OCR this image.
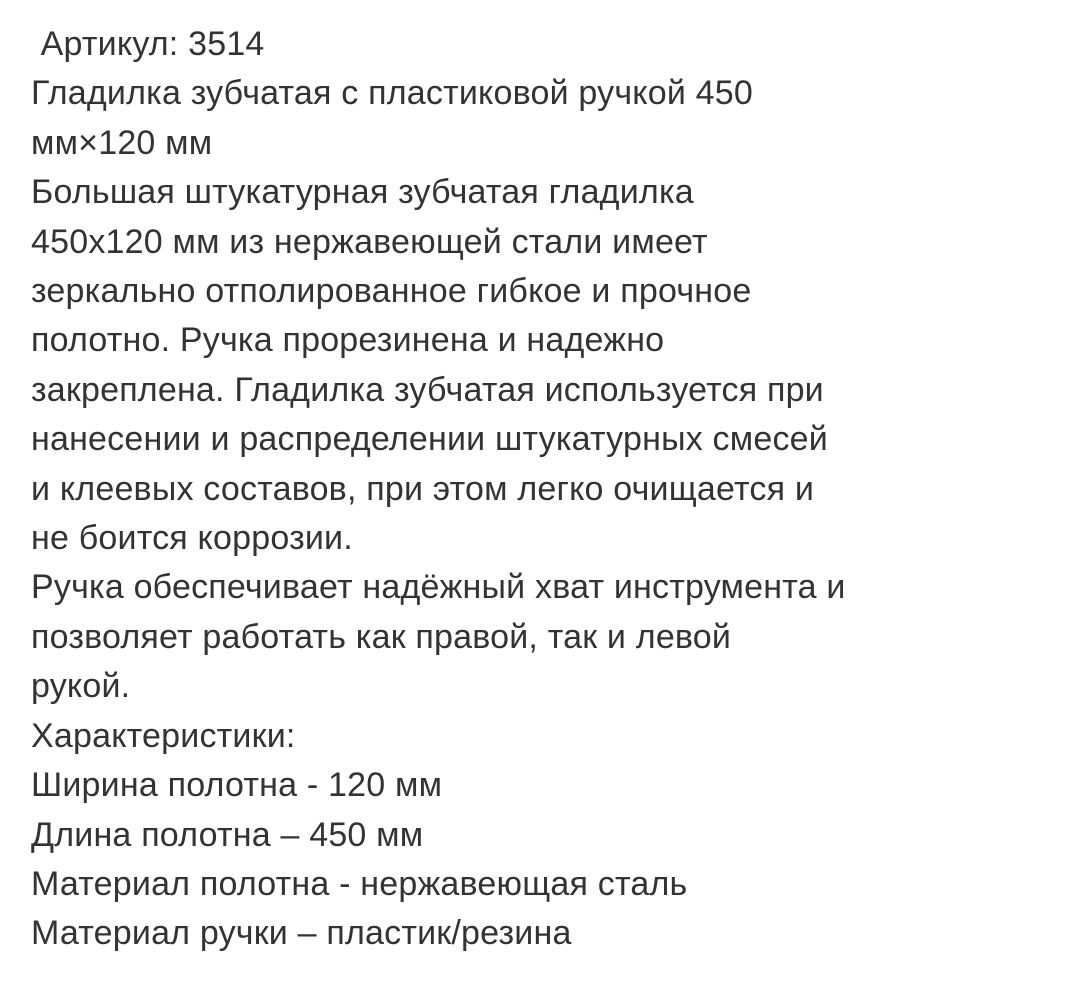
Артикул: 3514
Гладилка зубчатая с пластиковой ручкой 450
мм×120 мм
Большая штукатурная зубчатая гладилка
450х120 мм из нержавеющей стали имеет
зеркально отполированное гибкое и прочное
полотно. Ручка прорезинена и надежно
закреплена. Гладилка зубчатая используется при
нанесении и распределении штукатурных смесей
и клеевых составов, при этом легко очищается и
не боится коррозии.
Ручка обеспечивает надёжный хват инструмента и
позволяет работать как правой, так и левой
рукой.
Характеристики:
Ширина полотна - 120 мм
Длина полотна – 450 мм
Материал полотна - нержавеющая сталь
Материал ручки – пластик/резина
